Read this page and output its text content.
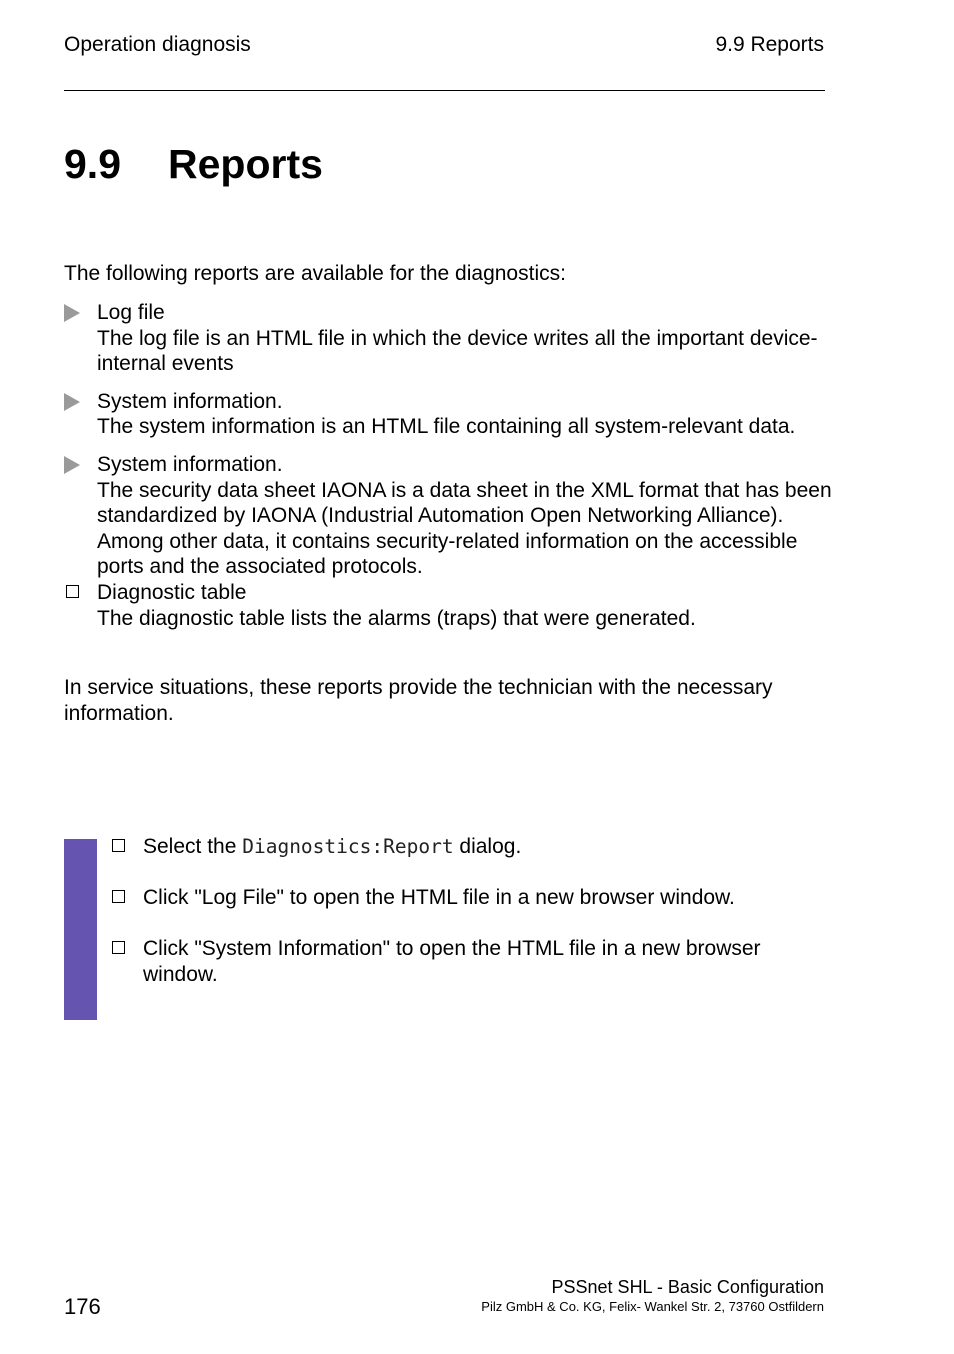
Operation diagnosis	9.9 Reports
9.9 Reports
The following reports are available for the diagnostics:
Log file
The log file is an HTML file in which the device writes all the important device-internal events
System information.
The system information is an HTML file containing all system-relevant data.
System information.
The security data sheet IAONA is a data sheet in the XML format that has been standardized by IAONA (Industrial Automation Open Networking Alliance). Among other data, it contains security-related information on the accessible ports and the associated protocols.
Diagnostic table
The diagnostic table lists the alarms (traps) that were generated.
In service situations, these reports provide the technician with the necessary information.
Select the Diagnostics:Report dialog.
Click "Log File" to open the HTML file in a new browser window.
Click "System Information" to open the HTML file in a new browser window.
176
PSSnet SHL - Basic Configuration
Pilz GmbH & Co. KG, Felix- Wankel Str. 2, 73760 Ostfildern
